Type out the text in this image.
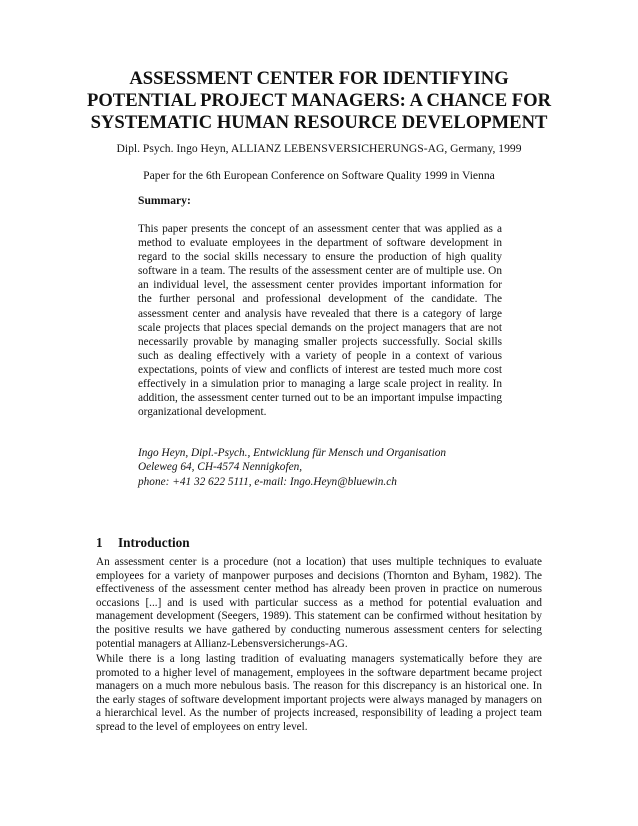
ASSESSMENT CENTER FOR IDENTIFYING
POTENTIAL PROJECT MANAGERS: A CHANCE FOR
SYSTEMATIC HUMAN RESOURCE DEVELOPMENT

Dipl. Psych. Ingo Heyn, ALLIANZ LEBENSVERSICHERUNGS-AG, Germany, 1999

Paper for the 6th European Conference on Software Quality 1999 in Vienna

Summary:

This paper presents the concept of an assessment center that was applied as a method to evaluate employees in the department of software development in regard to the social skills necessary to ensure the production of high quality software in a team. The results of the assessment center are of multiple use. On an individual level, the assessment center provides important information for the further personal and professional development of the candidate. The assessment center and analysis have revealed that there is a category of large scale projects that places special demands on the project managers that are not necessarily provable by managing smaller projects successfully. Social skills such as dealing effectively with a variety of people in a context of various expectations, points of view and conflicts of interest are tested much more cost effectively in a simulation prior to managing a large scale project in reality. In addition, the assessment center turned out to be an important impulse impacting organizational development.

Ingo Heyn, Dipl.-Psych., Entwicklung für Mensch und Organisation
Oeleweg 64, CH-4574 Nennigkofen,
phone: +41 32 622 5111, e-mail: Ingo.Heyn@bluewin.ch
1 Introduction

An assessment center is a procedure (not a location) that uses multiple techniques to evaluate employees for a variety of manpower purposes and decisions (Thornton and Byham, 1982). The effectiveness of the assessment center method has already been proven in practice on numerous occasions [...] and is used with particular success as a method for potential evaluation and management development (Seegers, 1989). This statement can be confirmed without hesitation by the positive results we have gathered by conducting numerous assessment centers for selecting potential managers at Allianz-Lebensversicherungs-AG.

While there is a long lasting tradition of evaluating managers systematically before they are promoted to a higher level of management, employees in the software department became project managers on a much more nebulous basis. The reason for this discrepancy is an historical one. In the early stages of software development important projects were always managed by managers on a hierarchical level. As the number of projects increased, responsibility of leading a project team spread to the level of employees on entry level.
